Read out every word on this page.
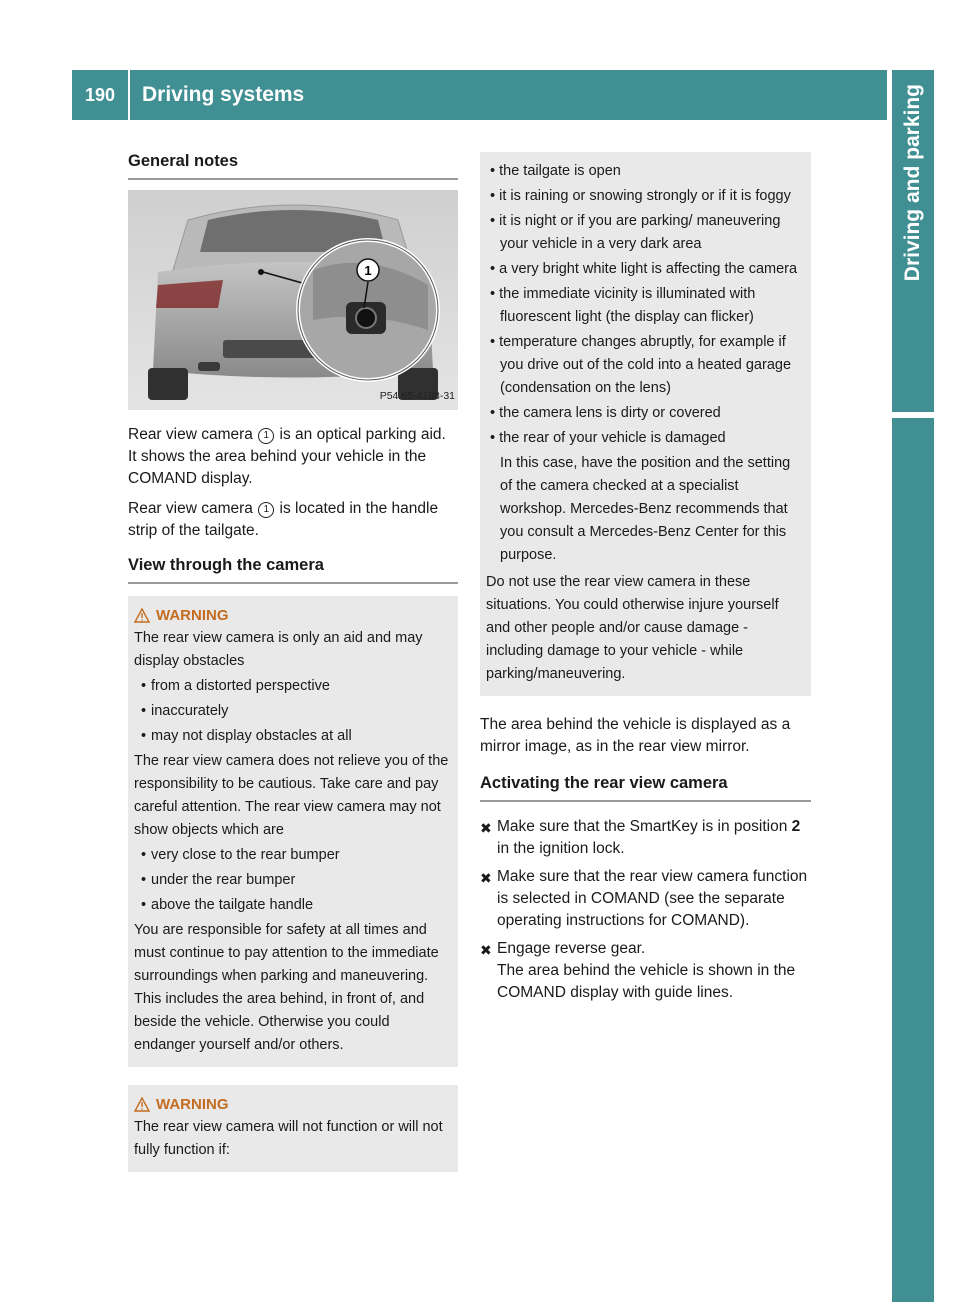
190	Driving systems	Driving and parking
General notes
1
P54.65-4188-31

Rear view camera 1 is an optical parking aid. It shows the area behind your vehicle in the COMAND display.

Rear view camera 1 is located in the handle strip of the tailgate.

View through the camera
WARNING
The rear view camera is only an aid and may display obstacles
• from a distorted perspective
• inaccurately
• may not display obstacles at all
The rear view camera does not relieve you of the responsibility to be cautious. Take care and pay careful attention. The rear view camera may not show objects which are
• very close to the rear bumper
• under the rear bumper
• above the tailgate handle
You are responsible for safety at all times and must continue to pay attention to the immediate surroundings when parking and maneuvering. This includes the area behind, in front of, and beside the vehicle. Otherwise you could endanger yourself and/or others.
WARNING
The rear view camera will not function or will not fully function if:
• the tailgate is open
• it is raining or snowing strongly or if it is foggy
• it is night or if you are parking/ maneuvering your vehicle in a very dark area
• a very bright white light is affecting the camera
• the immediate vicinity is illuminated with fluorescent light (the display can flicker)
• temperature changes abruptly, for example if you drive out of the cold into a heated garage (condensation on the lens)
• the camera lens is dirty or covered
• the rear of your vehicle is damaged
In this case, have the position and the setting of the camera checked at a specialist workshop. Mercedes-Benz recommends that you consult a Mercedes-Benz Center for this purpose.
Do not use the rear view camera in these situations. You could otherwise injure yourself and other people and/or cause damage - including damage to your vehicle - while parking/maneuvering.

The area behind the vehicle is displayed as a mirror image, as in the rear view mirror.

Activating the rear view camera
✖ Make sure that the SmartKey is in position 2 in the ignition lock.
✖ Make sure that the rear view camera function is selected in COMAND (see the separate operating instructions for COMAND).
✖ Engage reverse gear.
The area behind the vehicle is shown in the COMAND display with guide lines.
